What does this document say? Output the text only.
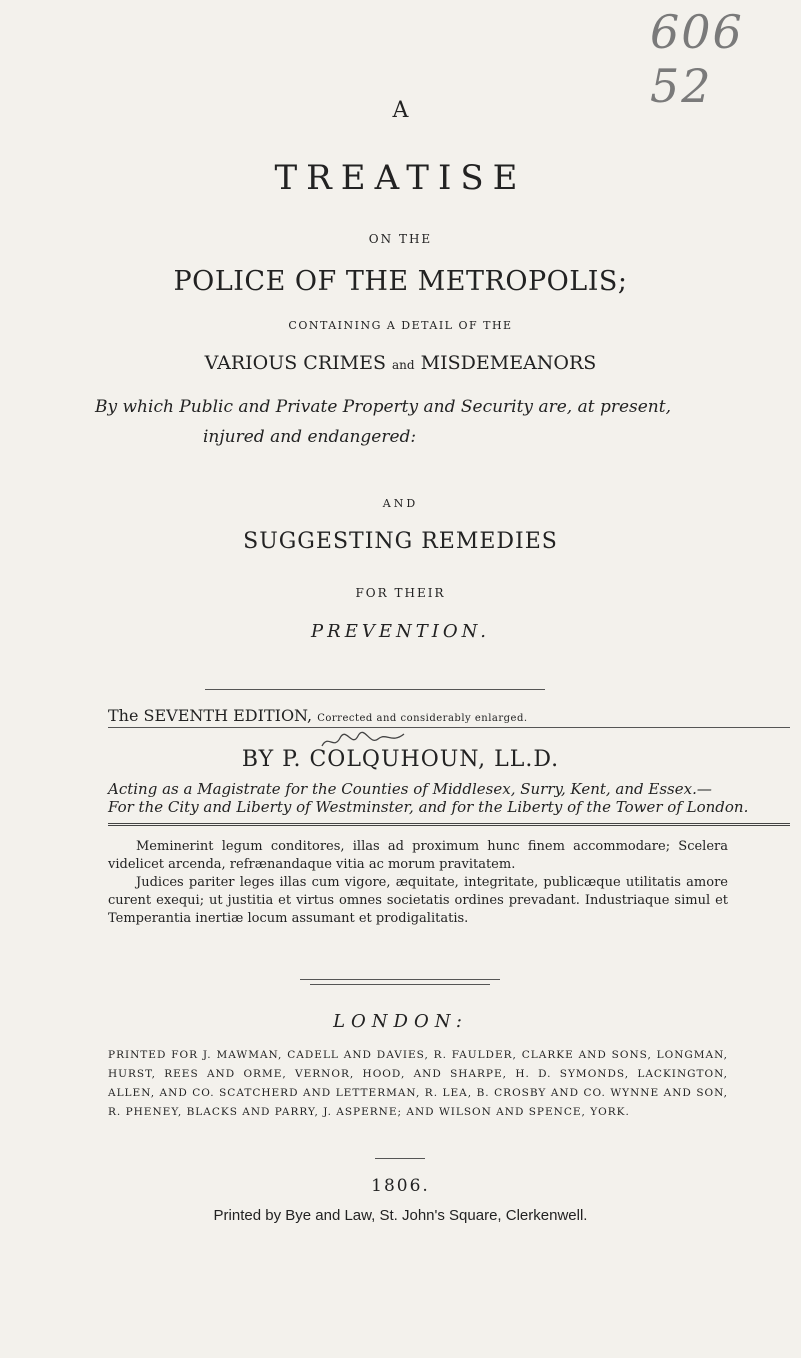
606 52
A
TREATISE
ON THE
POLICE OF THE METROPOLIS;
CONTAINING A DETAIL OF THE
VARIOUS CRIMES and MISDEMEANORS
By which Public and Private Property and Security are, at present,
injured and endangered:
AND
SUGGESTING REMEDIES
FOR THEIR
PREVENTION.
The SEVENTH EDITION, Corrected and considerably enlarged.
BY P. COLQUHOUN, LL.D.
Acting as a Magistrate for the Counties of Middlesex, Surry, Kent, and Essex.—
For the City and Liberty of Westminster, and for the Liberty of the Tower of London.

Meminerint legum conditores, illas ad proximum hunc finem accommodare; Scelera videlicet arcenda, refrænandaque vitia ac morum pravitatem.

Judices pariter leges illas cum vigore, æquitate, integritate, publicæque utilitatis amore curent exequi; ut justitia et virtus omnes societatis ordines prevadant. Industriaque simul et Temperantia inertiæ locum assumant et prodigalitatis.

LONDON:
PRINTED FOR J. MAWMAN, CADELL AND DAVIES, R. FAULDER, CLARKE AND SONS, LONGMAN, HURST, REES AND ORME, VERNOR, HOOD, AND SHARPE, H. D. SYMONDS, LACKINGTON, ALLEN, AND CO. SCATCHERD AND LETTERMAN, R. LEA, B. CROSBY AND CO. WYNNE AND SON, R. PHENEY, BLACKS AND PARRY, J. ASPERNE; AND WILSON AND SPENCE, YORK.
1806.
Printed by Bye and Law, St. John's Square, Clerkenwell.
